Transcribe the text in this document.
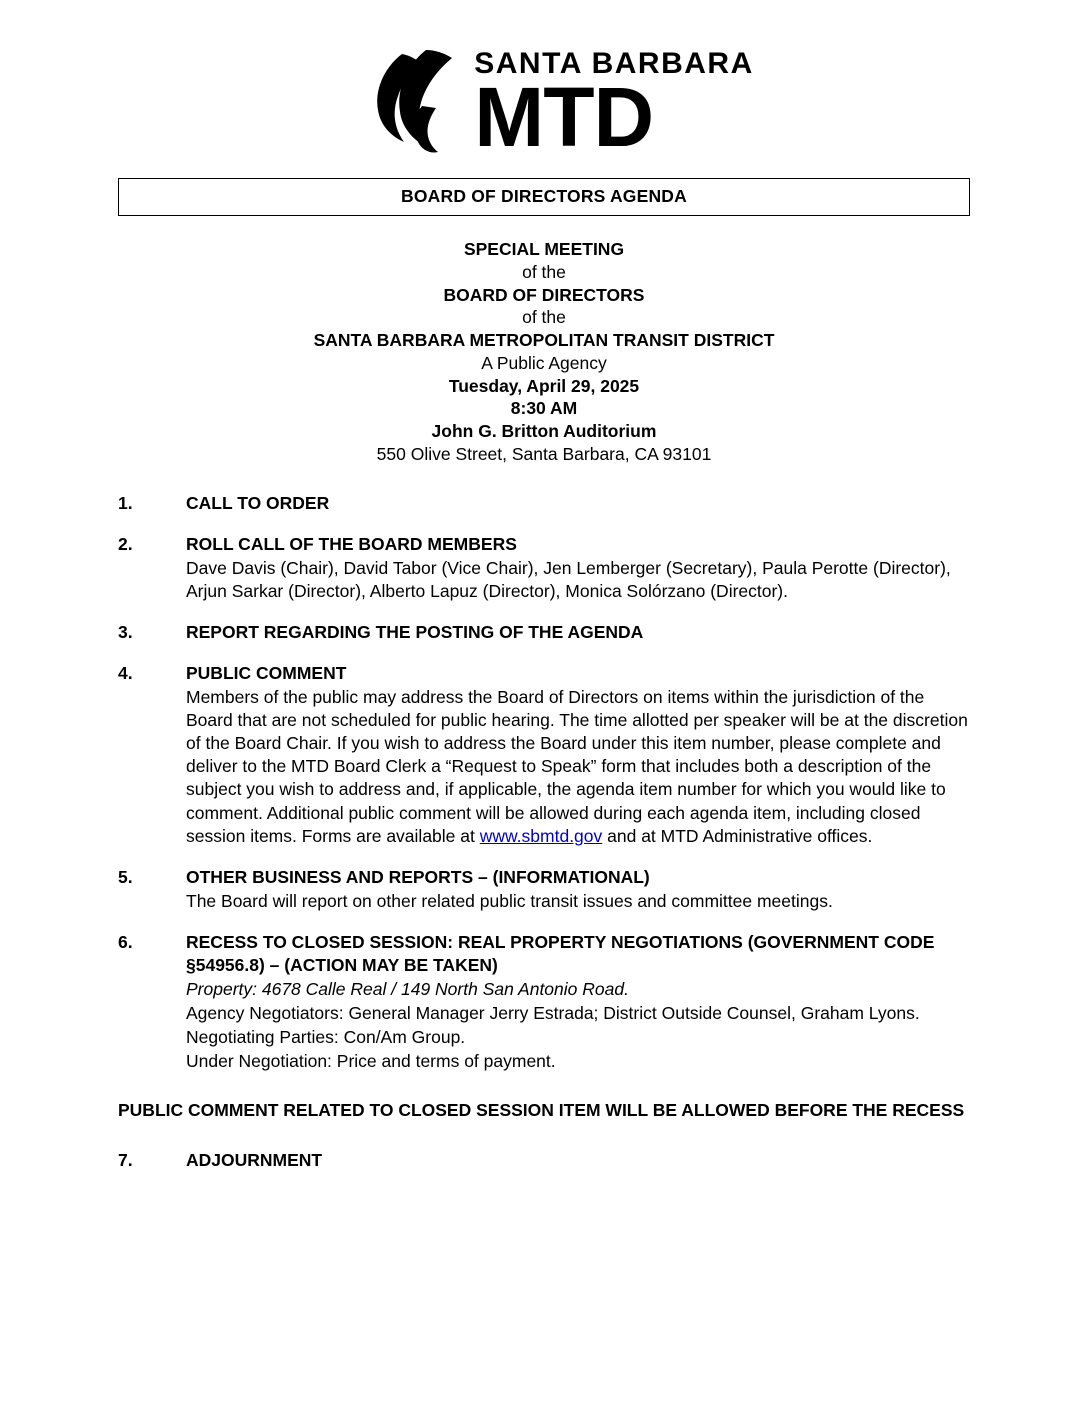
SANTA BARBARA
MTD
BOARD OF DIRECTORS AGENDA
SPECIAL MEETING
of the
BOARD OF DIRECTORS
of the
SANTA BARBARA METROPOLITAN TRANSIT DISTRICT
A Public Agency
Tuesday, April 29, 2025
8:30 AM
John G. Britton Auditorium
550 Olive Street, Santa Barbara, CA 93101
1.	CALL TO ORDER
2.	ROLL CALL OF THE BOARD MEMBERS
Dave Davis (Chair), David Tabor (Vice Chair), Jen Lemberger (Secretary), Paula Perotte (Director), Arjun Sarkar (Director), Alberto Lapuz (Director), Monica Solórzano (Director).
3.	REPORT REGARDING THE POSTING OF THE AGENDA
4.	PUBLIC COMMENT
Members of the public may address the Board of Directors on items within the jurisdiction of the Board that are not scheduled for public hearing. The time allotted per speaker will be at the discretion of the Board Chair. If you wish to address the Board under this item number, please complete and deliver to the MTD Board Clerk a “Request to Speak” form that includes both a description of the subject you wish to address and, if applicable, the agenda item number for which you would like to comment. Additional public comment will be allowed during each agenda item, including closed session items. Forms are available at www.sbmtd.gov and at MTD Administrative offices.
5.	OTHER BUSINESS AND REPORTS – (INFORMATIONAL)
The Board will report on other related public transit issues and committee meetings.
6.	RECESS TO CLOSED SESSION: REAL PROPERTY NEGOTIATIONS (GOVERNMENT CODE §54956.8) – (ACTION MAY BE TAKEN)
Property: 4678 Calle Real / 149 North San Antonio Road.
Agency Negotiators: General Manager Jerry Estrada; District Outside Counsel, Graham Lyons.
Negotiating Parties: Con/Am Group.
Under Negotiation: Price and terms of payment.
PUBLIC COMMENT RELATED TO CLOSED SESSION ITEM WILL BE ALLOWED BEFORE THE RECESS
7.	ADJOURNMENT
